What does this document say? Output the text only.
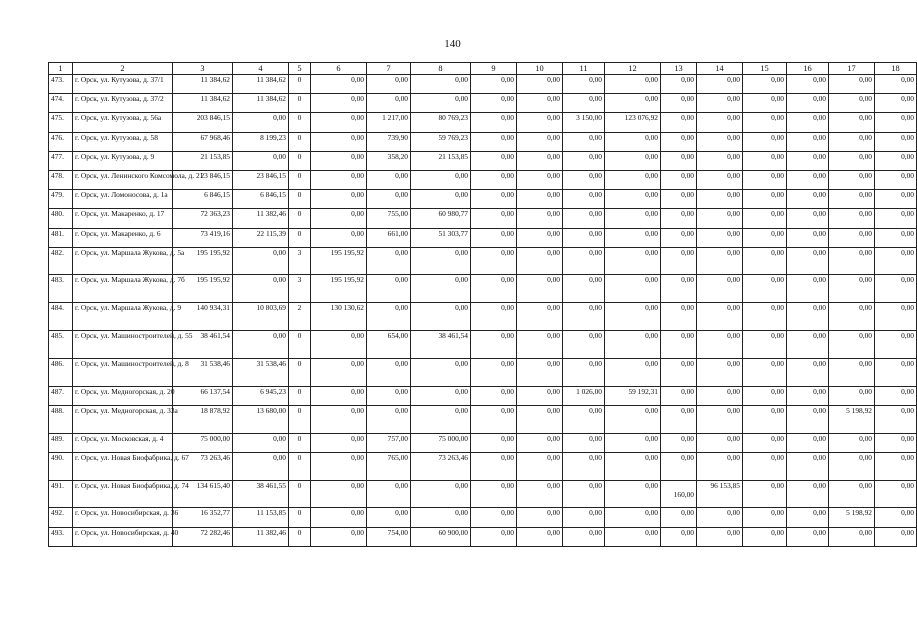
140
1	2	3	4	5	6	7	8	9	10	11	12	13	14	15	16	17	18
473.	г. Орск, ул. Кутузова, д. 37/1	11 384,62	11 384,62	0	0,00	0,00	0,00	0,00	0,00	0,00	0,00	0,00	0,00	0,00	0,00	0,00	0,00
474.	г. Орск, ул. Кутузова, д. 37/2	11 384,62	11 384,62	0	0,00	0,00	0,00	0,00	0,00	0,00	0,00	0,00	0,00	0,00	0,00	0,00	0,00
475.	г. Орск, ул. Кутузова, д. 56а	203 846,15	0,00	0	0,00	1 217,00	80 769,23	0,00	0,00	3 150,00	123 076,92	0,00	0,00	0,00	0,00	0,00	0,00
476.	г. Орск, ул. Кутузова, д. 58	67 968,46	8 199,23	0	0,00	739,90	59 769,23	0,00	0,00	0,00	0,00	0,00	0,00	0,00	0,00	0,00	0,00
477.	г. Орск, ул. Кутузова, д. 9	21 153,85	0,00	0	0,00	358,20	21 153,85	0,00	0,00	0,00	0,00	0,00	0,00	0,00	0,00	0,00	0,00
478.	г. Орск, ул. Ленинского Комсомола, д. 21	23 846,15	23 846,15	0	0,00	0,00	0,00	0,00	0,00	0,00	0,00	0,00	0,00	0,00	0,00	0,00	0,00
479.	г. Орск, ул. Ломоносова, д. 1а	6 846,15	6 846,15	0	0,00	0,00	0,00	0,00	0,00	0,00	0,00	0,00	0,00	0,00	0,00	0,00	0,00
480.	г. Орск, ул. Макаренко, д. 17	72 363,23	11 382,46	0	0,00	755,00	60 980,77	0,00	0,00	0,00	0,00	0,00	0,00	0,00	0,00	0,00	0,00
481.	г. Орск, ул. Макаренко, д. 6	73 419,16	22 115,39	0	0,00	661,00	51 303,77	0,00	0,00	0,00	0,00	0,00	0,00	0,00	0,00	0,00	0,00
482.	г. Орск, ул. Маршала Жукова, д. 5а	195 195,92	0,00	3	195 195,92	0,00	0,00	0,00	0,00	0,00	0,00	0,00	0,00	0,00	0,00	0,00	0,00
483.	г. Орск, ул. Маршала Жукова, д. 7б	195 195,92	0,00	3	195 195,92	0,00	0,00	0,00	0,00	0,00	0,00	0,00	0,00	0,00	0,00	0,00	0,00
484.	г. Орск, ул. Маршала Жукова, д. 9	140 934,31	10 803,69	2	130 130,62	0,00	0,00	0,00	0,00	0,00	0,00	0,00	0,00	0,00	0,00	0,00	0,00
485.	г. Орск, ул. Машиностроителей, д. 55	38 461,54	0,00	0	0,00	654,00	38 461,54	0,00	0,00	0,00	0,00	0,00	0,00	0,00	0,00	0,00	0,00
486.	г. Орск, ул. Машиностроителей, д. 8	31 538,46	31 538,46	0	0,00	0,00	0,00	0,00	0,00	0,00	0,00	0,00	0,00	0,00	0,00	0,00	0,00
487.	г. Орск, ул. Медногорская, д. 20	66 137,54	6 945,23	0	0,00	0,00	0,00	0,00	0,00	1 026,00	59 192,31	0,00	0,00	0,00	0,00	0,00	0,00
488.	г. Орск, ул. Медногорская, д. 33а	18 878,92	13 680,00	0	0,00	0,00	0,00	0,00	0,00	0,00	0,00	0,00	0,00	0,00	0,00	5 198,92	0,00
489.	г. Орск, ул. Московская, д. 4	75 000,00	0,00	0	0,00	757,00	75 000,00	0,00	0,00	0,00	0,00	0,00	0,00	0,00	0,00	0,00	0,00
490.	г. Орск, ул. Новая Биофабрика, д. 67	73 263,46	0,00	0	0,00	765,00	73 263,46	0,00	0,00	0,00	0,00	0,00	0,00	0,00	0,00	0,00	0,00
491.	г. Орск, ул. Новая Биофабрика, д. 74	134 615,40	38 461,55	0	0,00	0,00	0,00	0,00	0,00	0,00	0,00	160,00	96 153,85	0,00	0,00	0,00	0,00
492.	г. Орск, ул. Новосибирская, д. 36	16 352,77	11 153,85	0	0,00	0,00	0,00	0,00	0,00	0,00	0,00	0,00	0,00	0,00	0,00	5 198,92	0,00
493.	г. Орск, ул. Новосибирская, д. 40	72 282,46	11 382,46	0	0,00	754,00	60 900,00	0,00	0,00	0,00	0,00	0,00	0,00	0,00	0,00	0,00	0,00
